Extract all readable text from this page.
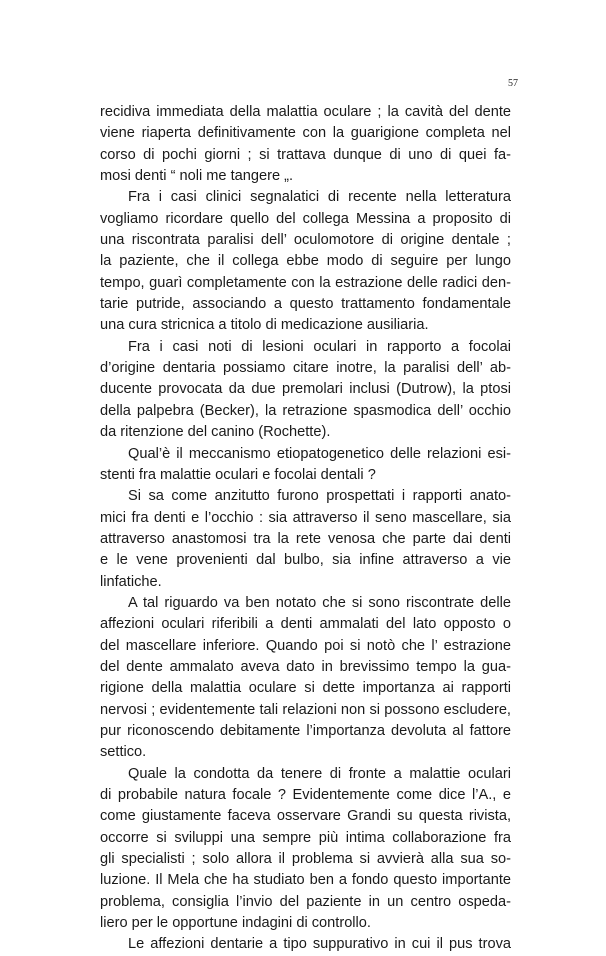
57
recidiva immediata della malattia oculare ; la cavità del dente
viene riaperta definitivamente con la guarigione completa nel
corso di pochi giorni ; si trattava dunque di uno di quei fa-
mosi denti “ noli me tangere „.
Fra i casi clinici segnalatici di recente nella letteratura
vogliamo ricordare quello del collega Messina a proposito di
una riscontrata paralisi dell’ oculomotore di origine dentale ;
la paziente, che il collega ebbe modo di seguire per lungo
tempo, guarì completamente con la estrazione delle radici den-
tarie putride, associando a questo trattamento fondamentale
una cura stricnica a titolo di medicazione ausiliaria.
Fra i casi noti di lesioni oculari in rapporto a focolai
d’origine dentaria possiamo citare inotre, la paralisi dell’ ab-
ducente provocata da due premolari inclusi (Dutrow), la ptosi
della palpebra (Becker), la retrazione spasmodica dell’ occhio
da ritenzione del canino (Rochette).
Qual’è il meccanismo etiopatogenetico delle relazioni esi-
stenti fra malattie oculari e focolai dentali ?
Si sa come anzitutto furono prospettati i rapporti anato-
mici fra denti e l’occhio : sia attraverso il seno mascellare, sia
attraverso anastomosi tra la rete venosa che parte dai denti
e le vene provenienti dal bulbo, sia infine attraverso a vie
linfatiche.
A tal riguardo va ben notato che si sono riscontrate delle
affezioni oculari riferibili a denti ammalati del lato opposto o
del mascellare inferiore. Quando poi si notò che l’ estrazione
del dente ammalato aveva dato in brevissimo tempo la gua-
rigione della malattia oculare si dette importanza ai rapporti
nervosi ; evidentemente tali relazioni non si possono escludere,
pur riconoscendo debitamente l’importanza devoluta al fattore
settico.
Quale la condotta da tenere di fronte a malattie oculari
di probabile natura focale ? Evidentemente come dice l’A., e
come giustamente faceva osservare Grandi su questa rivista,
occorre si sviluppi una sempre più intima collaborazione fra
gli specialisti ; solo allora il problema si avvierà alla sua so-
luzione. Il Mela che ha studiato ben a fondo questo importante
problema, consiglia l’invio del paziente in un centro ospeda-
liero per le opportune indagini di controllo.
Le affezioni dentarie a tipo suppurativo in cui il pus trova
